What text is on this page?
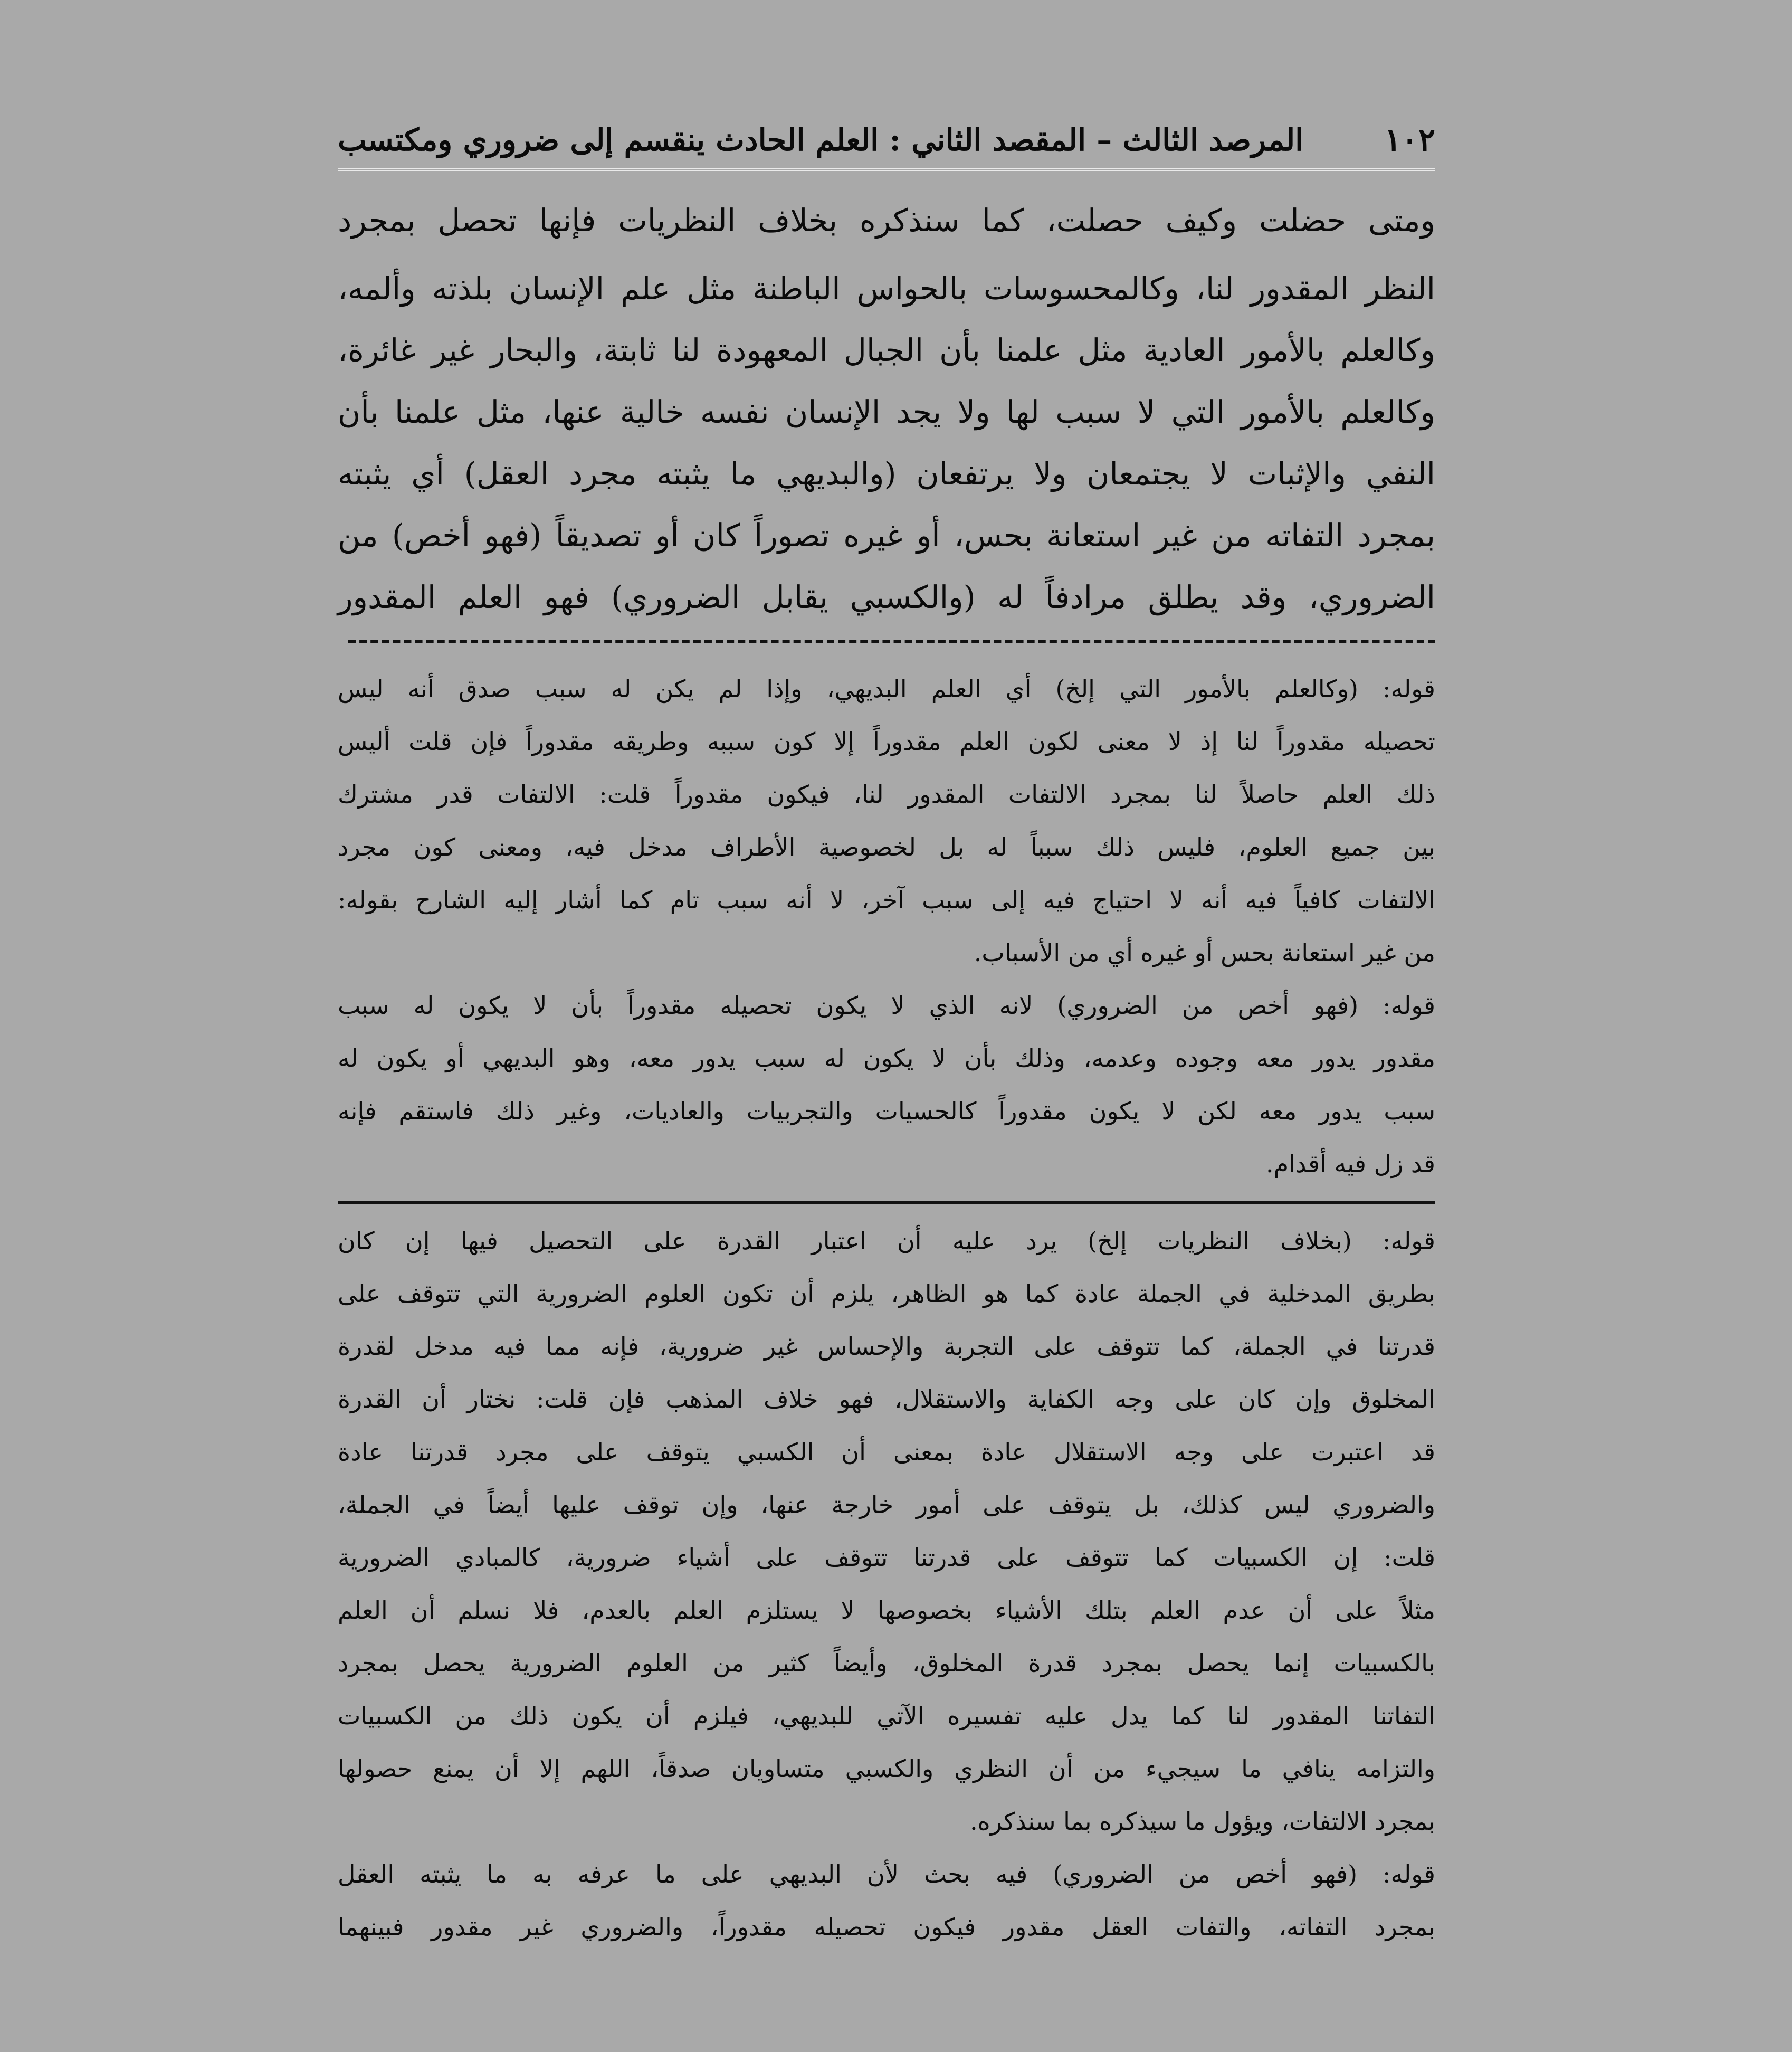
١٠٢
المرصد الثالث – المقصد الثاني : العلم الحادث ينقسم إلى ضروري ومكتسب
ومتى حضلت وكيف حصلت، كما سنذكره بخلاف النظريات فإنها تحصل بمجرد
النظر المقدور لنا، وكالمحسوسات بالحواس الباطنة مثل علم الإنسان بلذته وألمه،
وكالعلم بالأمور العادية مثل علمنا بأن الجبال المعهودة لنا ثابتة، والبحار غير غائرة،
وكالعلم بالأمور التي لا سبب لها ولا يجد الإنسان نفسه خالية عنها، مثل علمنا بأن
النفي والإثبات لا يجتمعان ولا يرتفعان (والبديهي ما يثبته مجرد العقل) أي يثبته
بمجرد التفاته من غير استعانة بحس، أو غيره تصوراً كان أو تصديقاً (فهو أخص) من
الضروري، وقد يطلق مرادفاً له (والكسبي يقابل الضروري) فهو العلم المقدور
قوله: (وكالعلم بالأمور التي إلخ) أي العلم البديهي، وإذا لم يكن له سبب صدق أنه ليس
تحصيله مقدوراً لنا إذ لا معنى لكون العلم مقدوراً إلا كون سببه وطريقه مقدوراً فإن قلت أليس
ذلك العلم حاصلاً لنا بمجرد الالتفات المقدور لنا، فيكون مقدوراً قلت: الالتفات قدر مشترك
بين جميع العلوم، فليس ذلك سبباً له بل لخصوصية الأطراف مدخل فيه، ومعنى كون مجرد
الالتفات كافياً فيه أنه لا احتياج فيه إلى سبب آخر، لا أنه سبب تام كما أشار إليه الشارح بقوله:
من غير استعانة بحس أو غيره أي من الأسباب.
قوله: (فهو أخص من الضروري) لانه الذي لا يكون تحصيله مقدوراً بأن لا يكون له سبب
مقدور يدور معه وجوده وعدمه، وذلك بأن لا يكون له سبب يدور معه، وهو البديهي أو يكون له
سبب يدور معه لكن لا يكون مقدوراً كالحسيات والتجربيات والعاديات، وغير ذلك فاستقم فإنه
قد زل فيه أقدام.
قوله: (بخلاف النظريات إلخ) يرد عليه أن اعتبار القدرة على التحصيل فيها إن كان
بطريق المدخلية في الجملة عادة كما هو الظاهر، يلزم أن تكون العلوم الضرورية التي تتوقف على
قدرتنا في الجملة، كما تتوقف على التجربة والإحساس غير ضرورية، فإنه مما فيه مدخل لقدرة
المخلوق وإن كان على وجه الكفاية والاستقلال، فهو خلاف المذهب فإن قلت: نختار أن القدرة
قد اعتبرت على وجه الاستقلال عادة بمعنى أن الكسبي يتوقف على مجرد قدرتنا عادة
والضروري ليس كذلك، بل يتوقف على أمور خارجة عنها، وإن توقف عليها أيضاً في الجملة،
قلت: إن الكسبيات كما تتوقف على قدرتنا تتوقف على أشياء ضرورية، كالمبادي الضرورية
مثلاً على أن عدم العلم بتلك الأشياء بخصوصها لا يستلزم العلم بالعدم، فلا نسلم أن العلم
بالكسبيات إنما يحصل بمجرد قدرة المخلوق، وأيضاً كثير من العلوم الضرورية يحصل بمجرد
التفاتنا المقدور لنا كما يدل عليه تفسيره الآتي للبديهي، فيلزم أن يكون ذلك من الكسبيات
والتزامه ينافي ما سيجيء من أن النظري والكسبي متساويان صدقاً، اللهم إلا أن يمنع حصولها
بمجرد الالتفات، ويؤول ما سيذكره بما سنذكره.
قوله: (فهو أخص من الضروري) فيه بحث لأن البديهي على ما عرفه به ما يثبته العقل
بمجرد التفاته، والتفات العقل مقدور فيكون تحصيله مقدوراً، والضروري غير مقدور فبينهما
